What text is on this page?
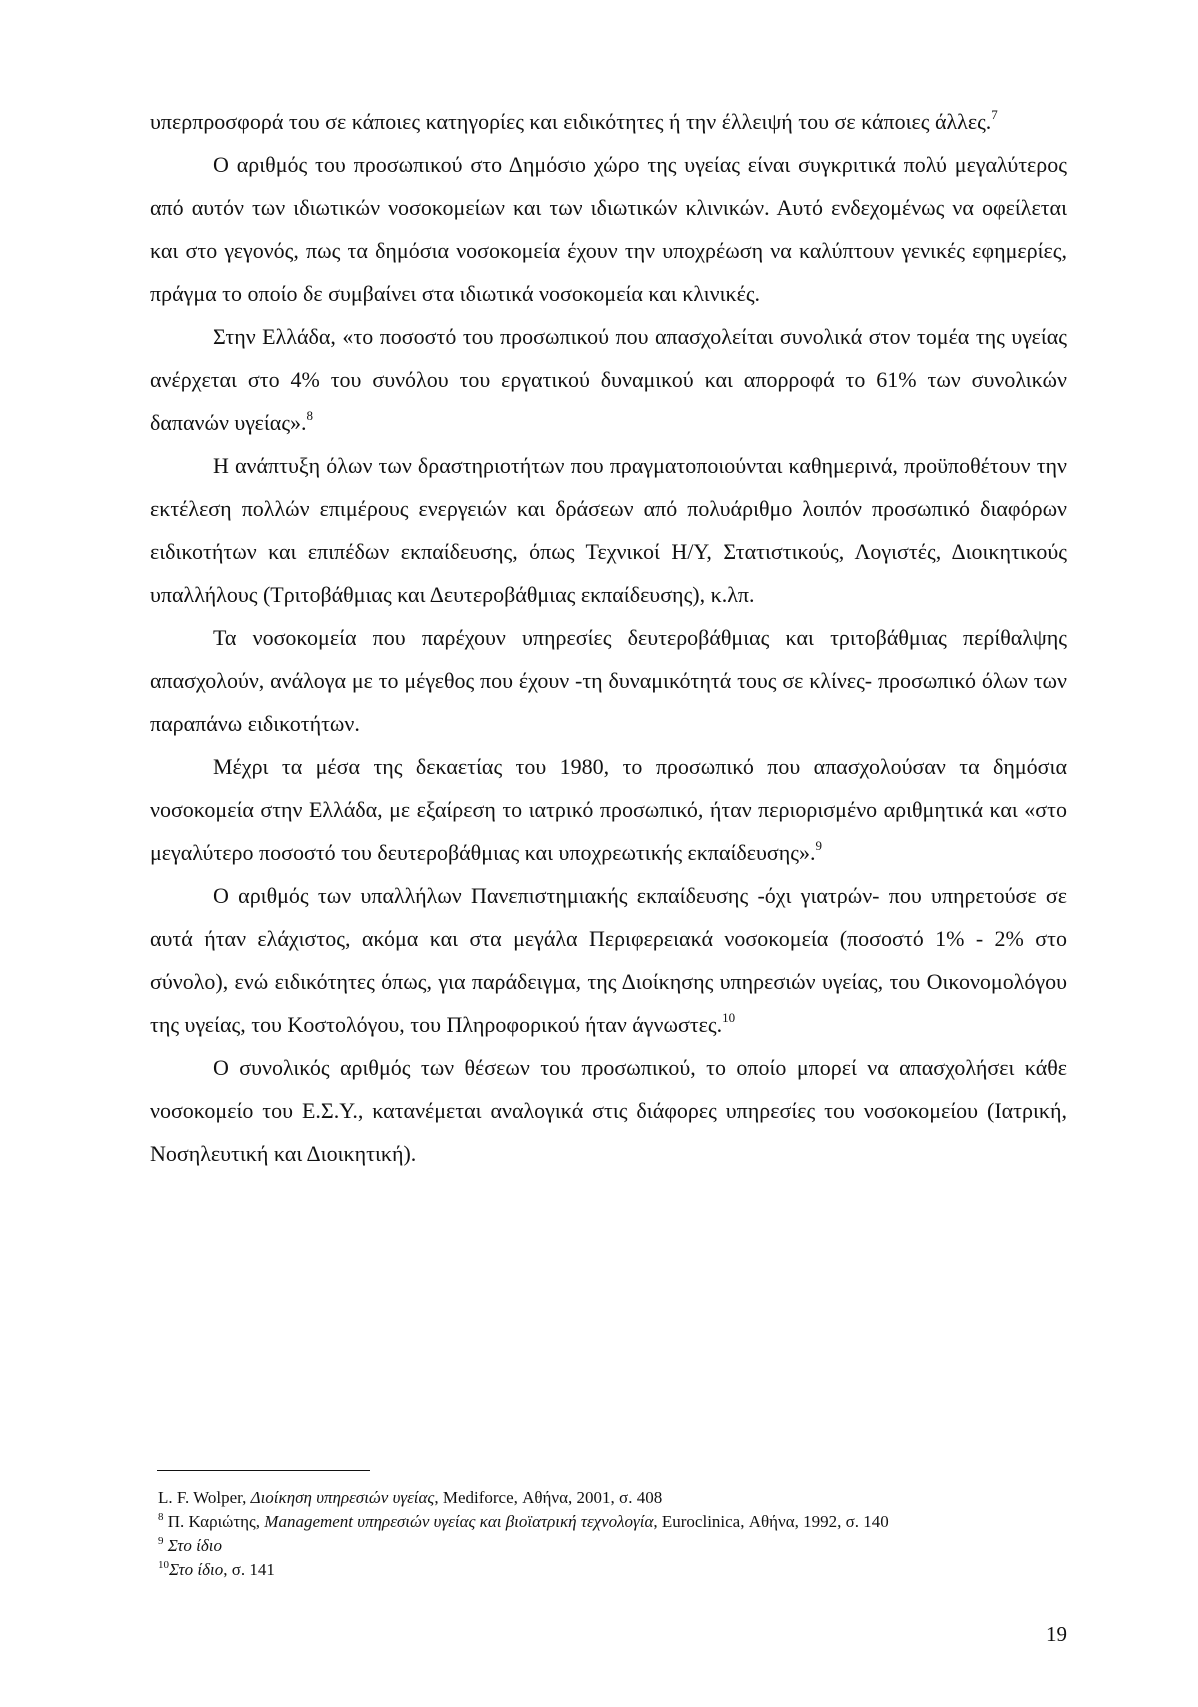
υπερπροσφορά του σε κάποιες κατηγορίες και ειδικότητες ή την έλλειψή του σε κάποιες άλλες.$^7$

Ο αριθμός του προσωπικού στο Δημόσιο χώρο της υγείας είναι συγκριτικά πολύ μεγαλύτερος από αυτόν των ιδιωτικών νοσοκομείων και των ιδιωτικών κλινικών. Αυτό ενδεχομένως να οφείλεται και στο γεγονός, πως τα δημόσια νοσοκομεία έχουν την υποχρέωση να καλύπτουν γενικές εφημερίες, πράγμα το οποίο δε συμβαίνει στα ιδιωτικά νοσοκομεία και κλινικές.

Στην Ελλάδα, «το ποσοστό του προσωπικού που απασχολείται συνολικά στον τομέα της υγείας ανέρχεται στο 4% του συνόλου του εργατικού δυναμικού και απορροφά το 61% των συνολικών δαπανών υγείας».$^8$

Η ανάπτυξη όλων των δραστηριοτήτων που πραγματοποιούνται καθημερινά, προϋποθέτουν την εκτέλεση πολλών επιμέρους ενεργειών και δράσεων από πολυάριθμο λοιπόν προσωπικό διαφόρων ειδικοτήτων και επιπέδων εκπαίδευσης, όπως Τεχνικοί Η/Υ, Στατιστικούς, Λογιστές, Διοικητικούς υπαλλήλους (Τριτοβάθμιας και Δευτεροβάθμιας εκπαίδευσης), κ.λπ.

Τα νοσοκομεία που παρέχουν υπηρεσίες δευτεροβάθμιας και τριτοβάθμιας περίθαλψης απασχολούν, ανάλογα με το μέγεθος που έχουν -τη δυναμικότητά τους σε κλίνες- προσωπικό όλων των παραπάνω ειδικοτήτων.

Μέχρι τα μέσα της δεκαετίας του 1980, το προσωπικό που απασχολούσαν τα δημόσια νοσοκομεία στην Ελλάδα, με εξαίρεση το ιατρικό προσωπικό, ήταν περιορισμένο αριθμητικά και «στο μεγαλύτερο ποσοστό του δευτεροβάθμιας και υποχρεωτικής εκπαίδευσης».$^9$

Ο αριθμός των υπαλλήλων Πανεπιστημιακής εκπαίδευσης -όχι γιατρών- που υπηρετούσε σε αυτά ήταν ελάχιστος, ακόμα και στα μεγάλα Περιφερειακά νοσοκομεία (ποσοστό 1% - 2% στο σύνολο), ενώ ειδικότητες όπως, για παράδειγμα, της Διοίκησης υπηρεσιών υγείας, του Οικονομολόγου της υγείας, του Κοστολόγου, του Πληροφορικού ήταν άγνωστες.$^{10}$

Ο συνολικός αριθμός των θέσεων του προσωπικού, το οποίο μπορεί να απασχολήσει κάθε νοσοκομείο του Ε.Σ.Υ., κατανέμεται αναλογικά στις διάφορες υπηρεσίες του νοσοκομείου (Ιατρική, Νοσηλευτική και Διοικητική).

L. F. Wolper, Διοίκηση υπηρεσιών υγείας, Mediforce, Αθήνα, 2001, σ. 408
$^8$ Π. Καριώτης, Management υπηρεσιών υγείας και βιοϊατρική τεχνολογία, Euroclinica, Αθήνα, 1992, σ. 140
$^9$ Στο ίδιο
$^{10}$Στο ίδιο, σ. 141
19
